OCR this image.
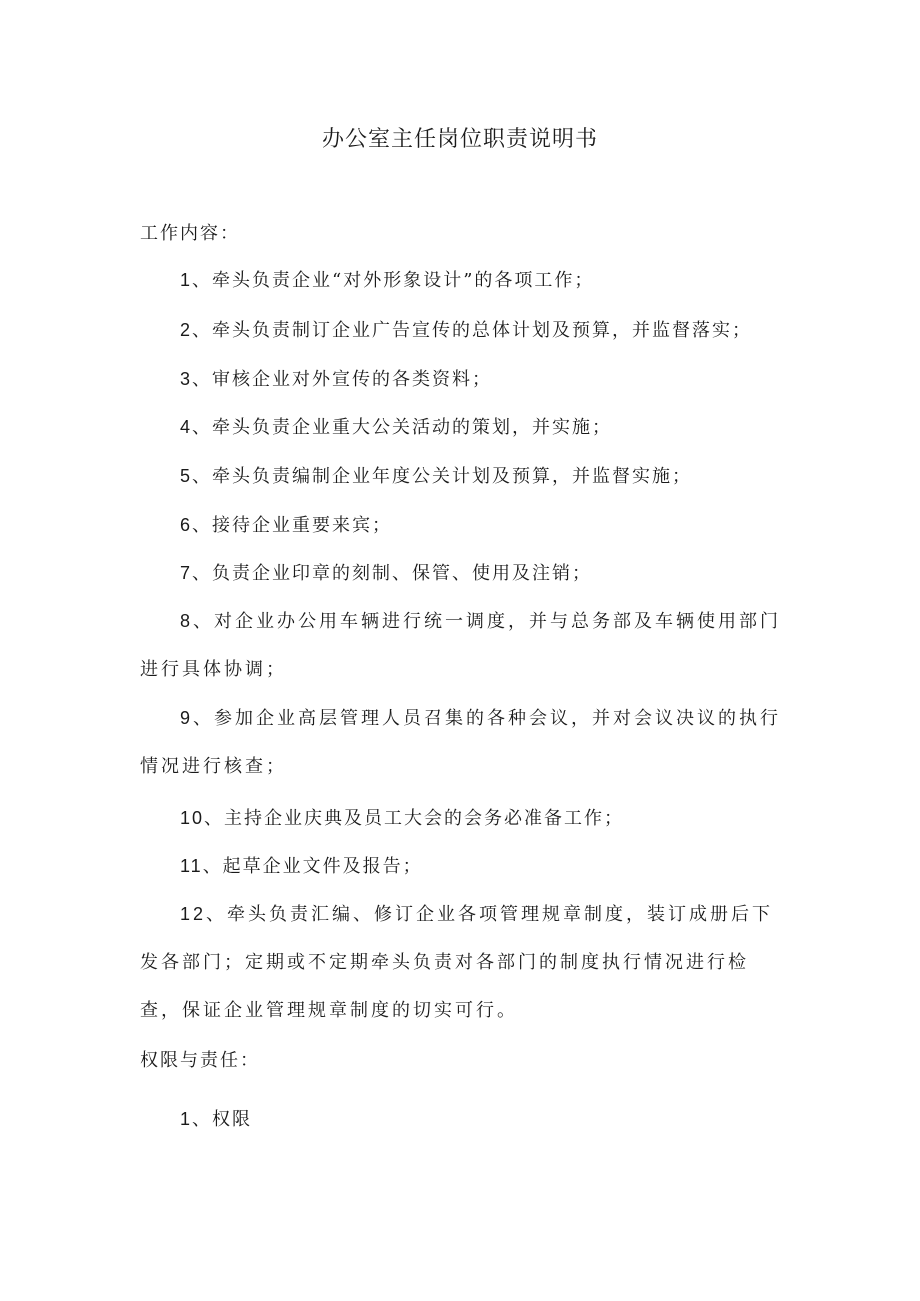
办公室主任岗位职责说明书
工作内容：
1、牵头负责企业“对外形象设计”的各项工作；
2、牵头负责制订企业广告宣传的总体计划及预算，并监督落实；
3、审核企业对外宣传的各类资料；
4、牵头负责企业重大公关活动的策划，并实施；
5、牵头负责编制企业年度公关计划及预算，并监督实施；
6、接待企业重要来宾；
7、负责企业印章的刻制、保管、使用及注销；
8、对企业办公用车辆进行统一调度，并与总务部及车辆使用部门进行具体协调；
9、参加企业高层管理人员召集的各种会议，并对会议决议的执行情况进行核查；
10、主持企业庆典及员工大会的会务必准备工作；
11、起草企业文件及报告；
12、牵头负责汇编、修订企业各项管理规章制度，装订成册后下发各部门；定期或不定期牵头负责对各部门的制度执行情况进行检查，保证企业管理规章制度的切实可行。
权限与责任：
1、权限
